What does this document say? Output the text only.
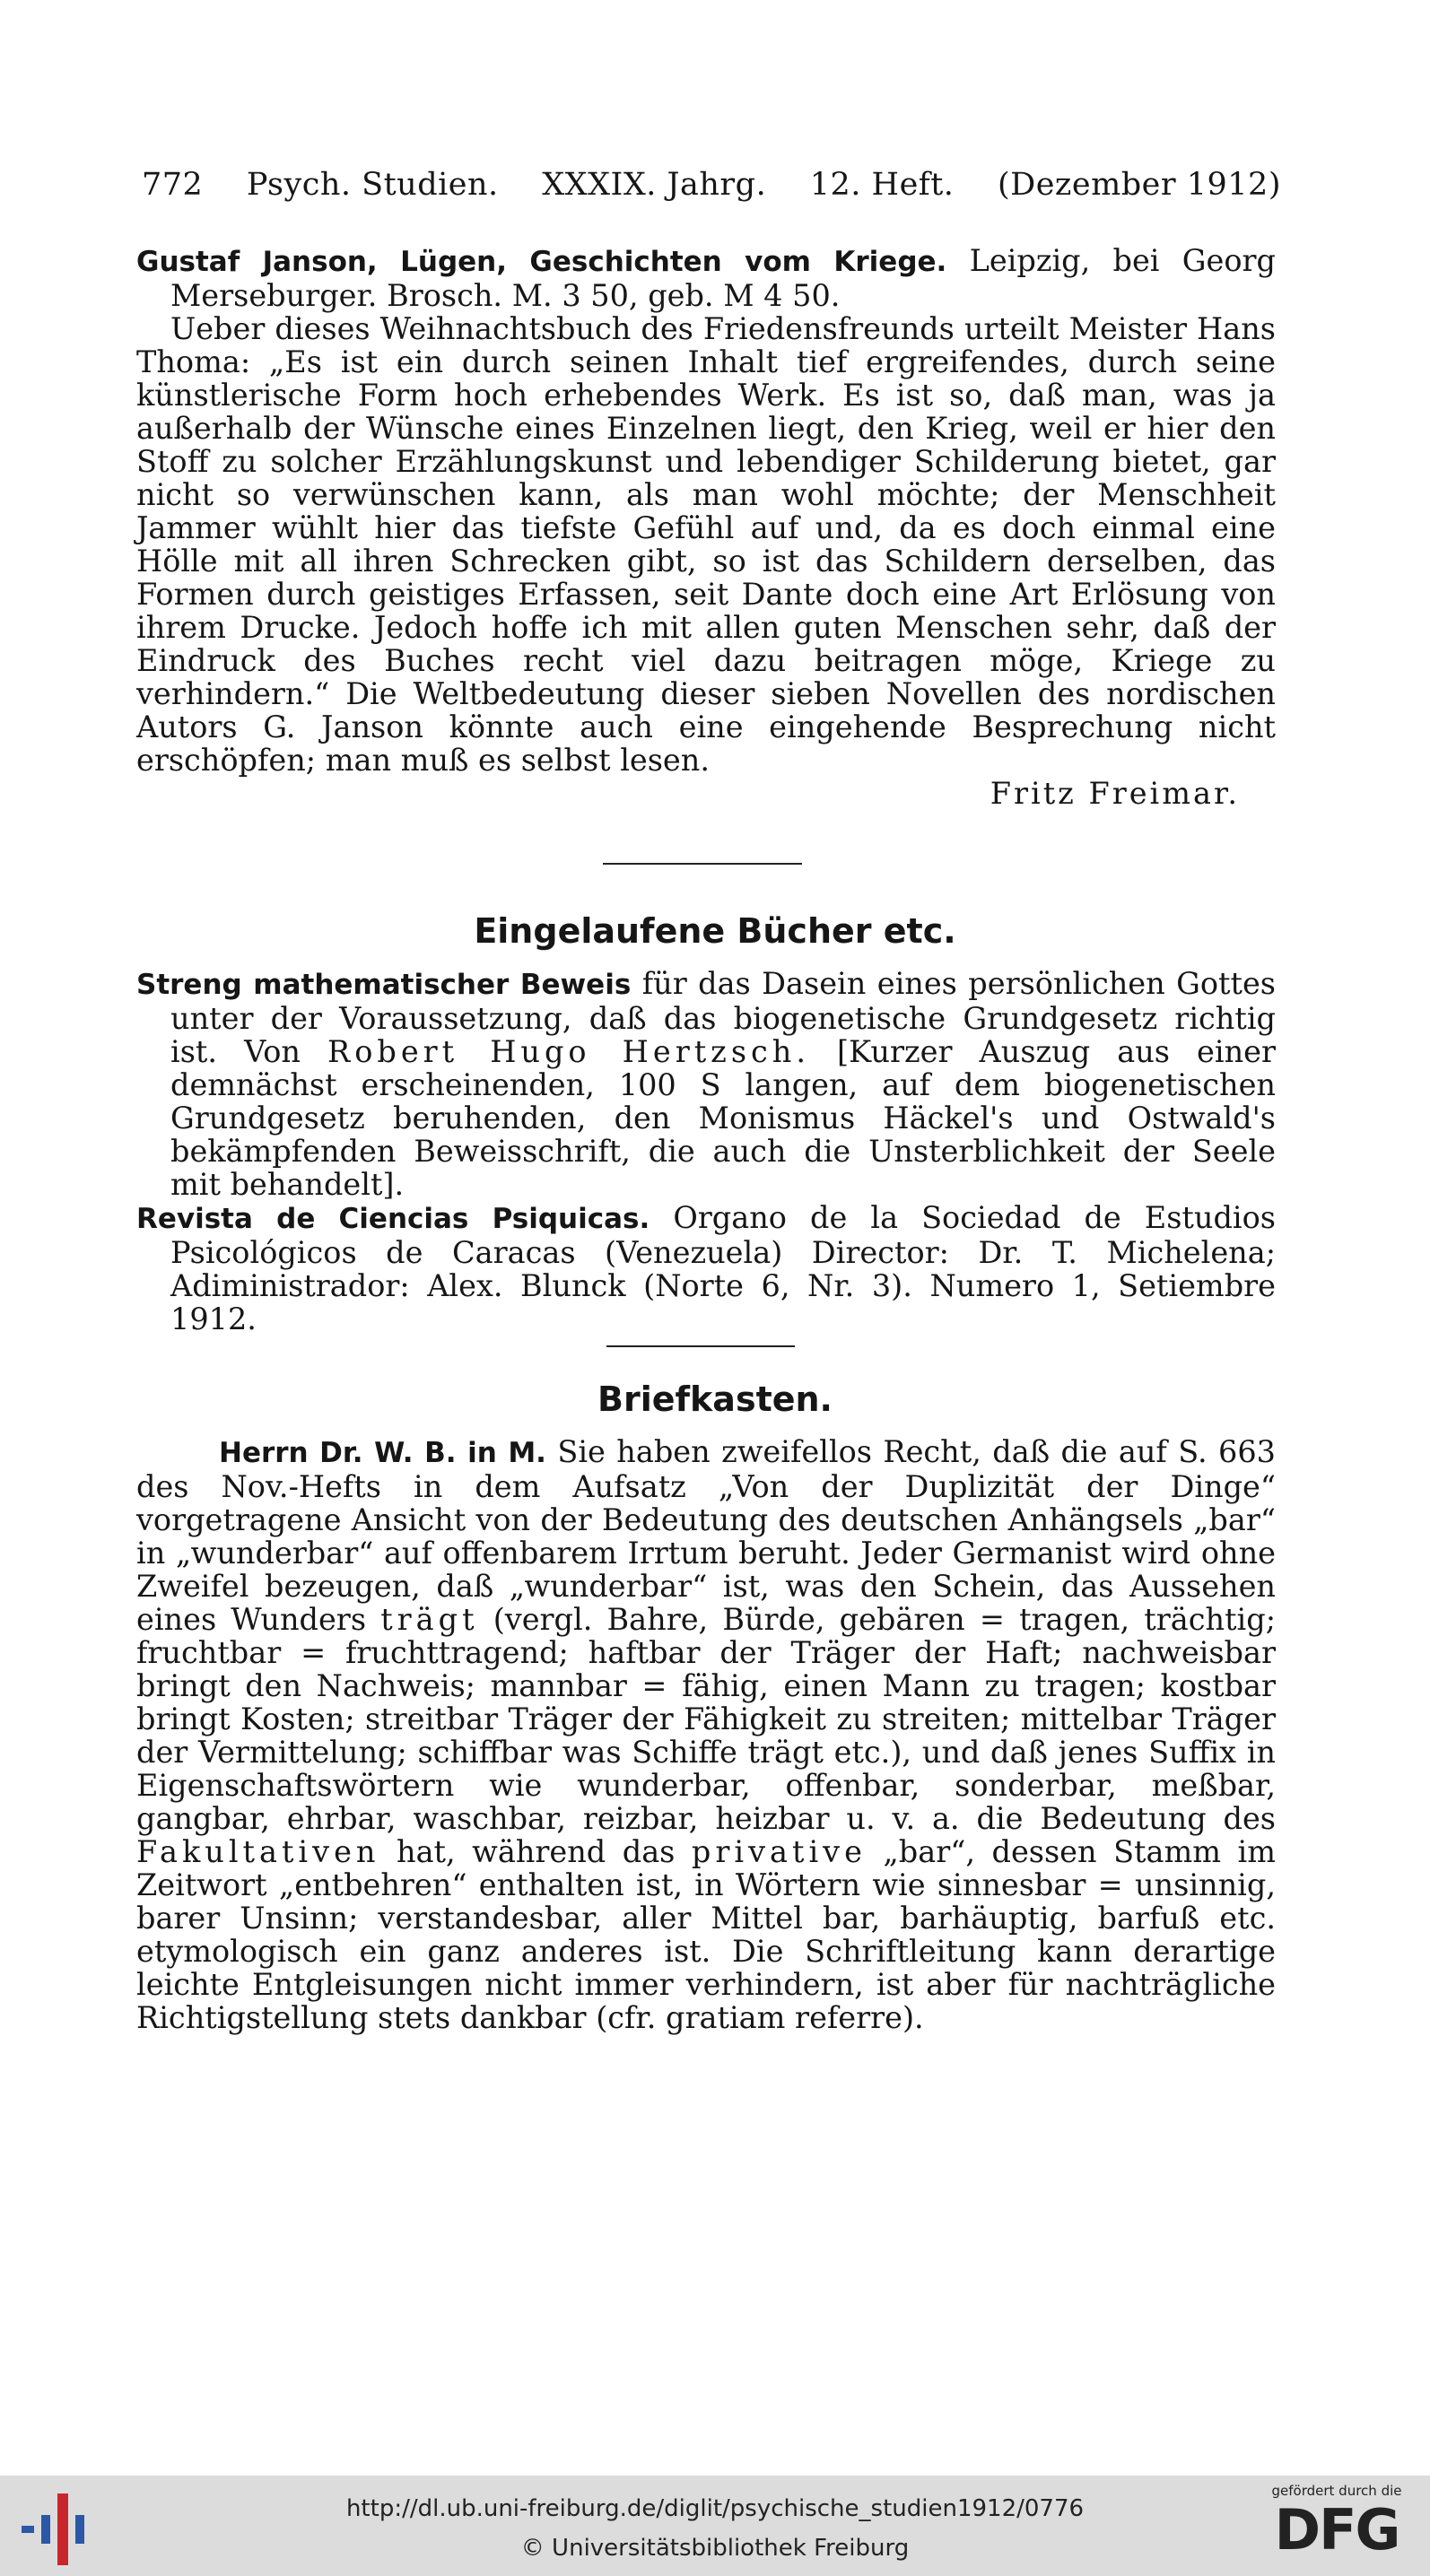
772 Psych. Studien. XXXIX. Jahrg. 12. Heft. (Dezember 1912)
Gustaf Janson, Lügen, Geschichten vom Kriege. Leipzig, bei Georg Merseburger. Brosch. M. 3 50, geb. M 4 50.
Ueber dieses Weihnachtsbuch des Friedensfreunds urteilt Meister Hans Thoma: „Es ist ein durch seinen Inhalt tief ergreifendes, durch seine künstlerische Form hoch erhebendes Werk. Es ist so, daß man, was ja außerhalb der Wünsche eines Einzelnen liegt, den Krieg, weil er hier den Stoff zu solcher Erzählungskunst und lebendiger Schilderung bietet, gar nicht so verwünschen kann, als man wohl möchte; der Menschheit Jammer wühlt hier das tiefste Gefühl auf und, da es doch einmal eine Hölle mit all ihren Schrecken gibt, so ist das Schildern derselben, das Formen durch geistiges Erfassen, seit Dante doch eine Art Erlösung von ihrem Drucke. Jedoch hoffe ich mit allen guten Menschen sehr, daß der Eindruck des Buches recht viel dazu beitragen möge, Kriege zu verhindern.“ Die Weltbedeutung dieser sieben Novellen des nordischen Autors G. Janson könnte auch eine eingehende Besprechung nicht erschöpfen; man muß es selbst lesen.
Fritz Freimar.
Eingelaufene Bücher etc.
Streng mathematischer Beweis für das Dasein eines persönlichen Gottes unter der Voraussetzung, daß das biogenetische Grundgesetz richtig ist. Von Robert Hugo Hertzsch. [Kurzer Auszug aus einer demnächst erscheinenden, 100 S langen, auf dem biogenetischen Grundgesetz beruhenden, den Monismus Häckel's und Ostwald's bekämpfenden Beweisschrift, die auch die Unsterblichkeit der Seele mit behandelt].
Revista de Ciencias Psiquicas. Organo de la Sociedad de Estudios Psicológicos de Caracas (Venezuela) Director: Dr. T. Michelena; Adiministrador: Alex. Blunck (Norte 6, Nr. 3). Numero 1, Setiembre 1912.
Briefkasten.
Herrn Dr. W. B. in M. Sie haben zweifellos Recht, daß die auf S. 663 des Nov.-Hefts in dem Aufsatz „Von der Duplizität der Dinge“ vorgetragene Ansicht von der Bedeutung des deutschen Anhängsels „bar“ in „wunderbar“ auf offenbarem Irrtum beruht. Jeder Germanist wird ohne Zweifel bezeugen, daß „wunderbar“ ist, was den Schein, das Aussehen eines Wunders trägt (vergl. Bahre, Bürde, gebären = tragen, trächtig; fruchtbar = fruchttragend; haftbar der Träger der Haft; nachweisbar bringt den Nachweis; mannbar = fähig, einen Mann zu tragen; kostbar bringt Kosten; streitbar Träger der Fähigkeit zu streiten; mittelbar Träger der Vermittelung; schiffbar was Schiffe trägt etc.), und daß jenes Suffix in Eigenschaftswörtern wie wunderbar, offenbar, sonderbar, meßbar, gangbar, ehrbar, waschbar, reizbar, heizbar u. v. a. die Bedeutung des Fakultativen hat, während das privative „bar“, dessen Stamm im Zeitwort „entbehren“ enthalten ist, in Wörtern wie sinnesbar = unsinnig, barer Unsinn; verstandesbar, aller Mittel bar, barhäuptig, barfuß etc. etymologisch ein ganz anderes ist. Die Schriftleitung kann derartige leichte Entgleisungen nicht immer verhindern, ist aber für nachträgliche Richtigstellung stets dankbar (cfr. gratiam referre).
http://dl.ub.uni-freiburg.de/diglit/psychische_studien1912/0776
© Universitätsbibliothek Freiburg
gefördert durch die
DFG
